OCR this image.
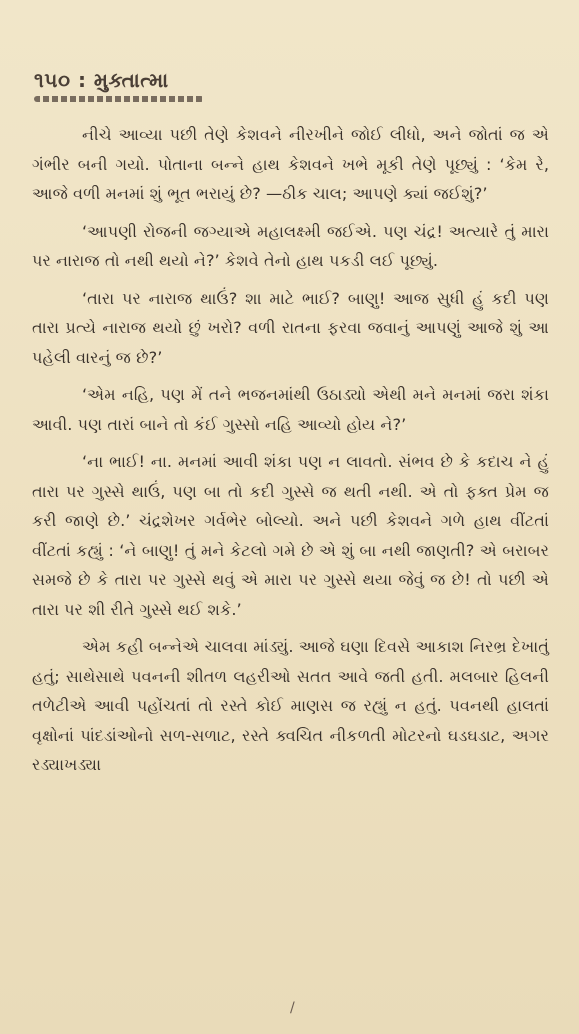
૧૫૦ : મુક્તાત્મા

નીચે આવ્યા પછી તેણે કેશવને નીરખીને જોઈ લીધો, અને જોતાં જ એ ગંભીર બની ગયો. પોતાના બન્ને હાથ કેશવને ખભે મૂકી તેણે પૂછ્યું : ‘કેમ રે, આજે વળી મનમાં શું ભૂત ભરાયું છે? —ઠીક ચાલ; આપણે ક્યાં જઈશું?’

‘આપણી રોજની જગ્યાએ મહાલક્ષ્મી જઈએ. પણ ચંદ્ર! અત્યારે તું મારા પર નારાજ તો નથી થયો ને?’ કેશવે તેનો હાથ પકડી લઈ પૂછ્યું.

‘તારા પર નારાજ થાઉં? શા માટે ભાઈ? બાણુ! આજ સુધી હું કદી પણ તારા પ્રત્યે નારાજ થયો છું ખરો? વળી રાતના ફરવા જવાનું આપણું આજે શું આ પહેલી વારનું જ છે?’

‘એમ નહિ, પણ મેં તને ભજનમાંથી ઉઠાડ્યો એથી મને મનમાં જરા શંકા આવી. પણ તારાં બાને તો કંઈ ગુસ્સો નહિ આવ્યો હોય ને?’

‘ના ભાઈ! ના. મનમાં આવી શંકા પણ ન લાવતો. સંભવ છે કે કદાચ ને હું તારા પર ગુસ્સે થાઉં, પણ બા તો કદી ગુસ્સે જ થતી નથી. એ તો ફક્ત પ્રેમ જ કરી જાણે છે.’ ચંદ્રશેખર ગર્વભેર બોલ્યો. અને પછી કેશવને ગળે હાથ વીંટતાં વીંટતાં કહ્યું : ‘ને બાણુ! તું મને કેટલો ગમે છે એ શું બા નથી જાણતી? એ બરાબર સમજે છે કે તારા પર ગુસ્સે થવું એ મારા પર ગુસ્સે થયા જેવું જ છે! તો પછી એ તારા પર શી રીતે ગુસ્સે થઈ શકે.’

એમ કહી બન્નેએ ચાલવા માંડ્યું. આજે ઘણા દિવસે આકાશ નિરભ્ર દેખાતું હતું; સાથેસાથે પવનની શીતળ લહરીઓ સતત આવે જતી હતી. મલબાર હિલની તળેટીએ આવી પહોંચતાં તો રસ્તે કોઈ માણસ જ રહ્યું ન હતું. પવનથી હાલતાં વૃક્ષોનાં પાંદડાંઓનો સળ-સળાટ, રસ્તે ક્વચિત નીકળતી મોટરનો ઘડઘડાટ, અગર રડ્યાખડ્યા

/
